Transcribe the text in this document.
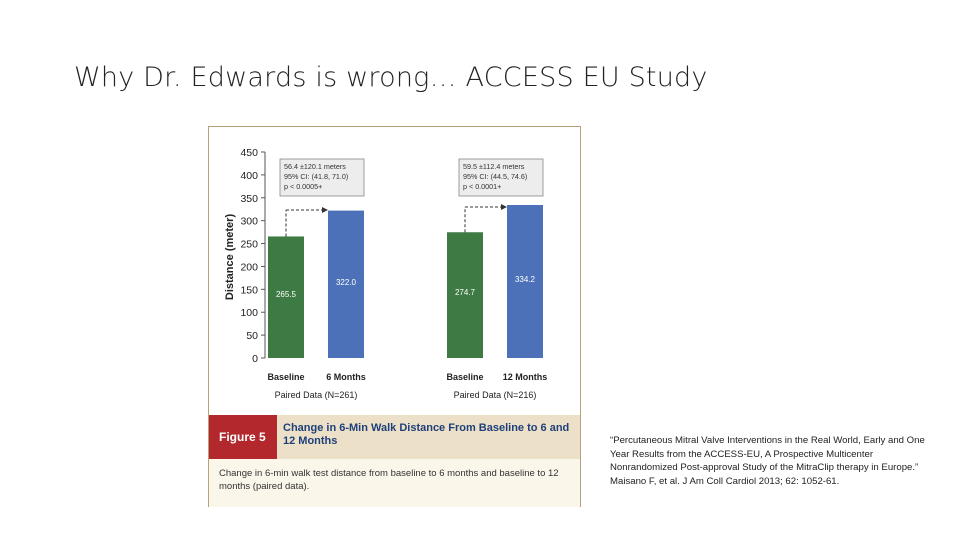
Why Dr. Edwards is wrong… ACCESS EU Study
Distance (meter)
0
50
100
150
200
250
300
350
400
450
265.5
Baseline
322.0
6 Months
Paired Data (N=261)
56.4 ±120.1 meters
95% CI: (41.8, 71.0)
p < 0.0005+
274.7
Baseline
334.2
12 Months
Paired Data (N=216)
59.5 ±112.4 meters
95% CI: (44.5, 74.6)
p < 0.0001+
Figure 5
Change in 6-Min Walk Distance From Baseline to 6 and 12 Months
Change in 6-min walk test distance from baseline to 6 months and baseline to 12 months (paired data).
“Percutaneous Mitral Valve Interventions in the Real World, Early and One Year Results from the ACCESS-EU, A Prospective Multicenter Nonrandomized Post-approval Study of the MitraClip therapy in Europe.” Maisano F, et al. J Am Coll Cardiol 2013; 62: 1052-61.
